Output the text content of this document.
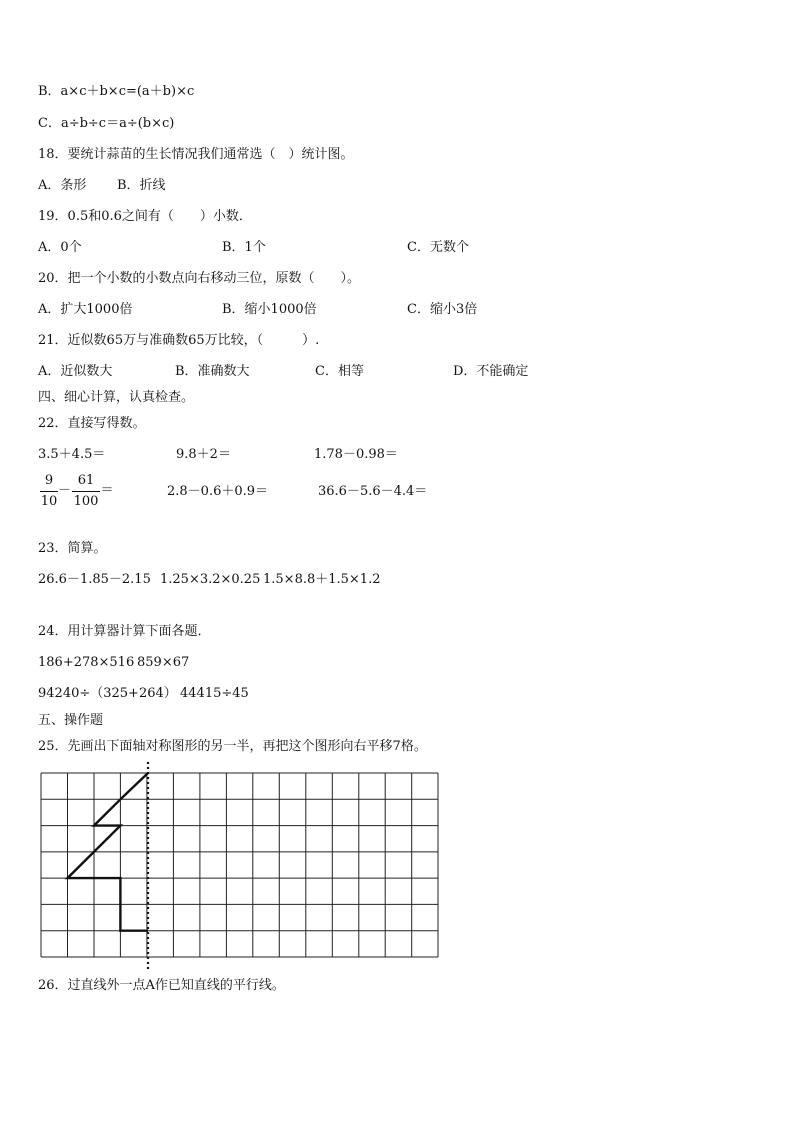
B．a×c＋b×c=(a＋b)×c
C．a÷b÷c＝a÷(b×c)
18．要统计蒜苗的生长情况我们通常选（　）统计图。
A．条形 B．折线
19．0.5和0.6之间有（　　）小数．
A．0个	B．1个	C．无数个
20．把一个小数的小数点向右移动三位，原数（　　）。
A．扩大1000倍	B．缩小1000倍	C．缩小3倍
21．近似数65万与准确数65万比较，（　　　）.
A．近似数大	B．准确数大	C．相等	D．不能确定
四、细心计算，认真检查。
22．直接写得数。
3.5＋4.5＝	9.8＋2＝	1.78－0.98＝
9
10
－
61
100
＝	2.8－0.6＋0.9＝	36.6－5.6－4.4＝
23．简算。
26.6－1.85－2.15 1.25×3.2×0.25 1.5×8.8＋1.5×1.2
24．用计算器计算下面各题．
186+278×516 859×67
94240÷（325+264） 44415÷45
五、操作题
25．先画出下面轴对称图形的另一半，再把这个图形向右平移7格。
26．过直线外一点A作已知直线的平行线。
